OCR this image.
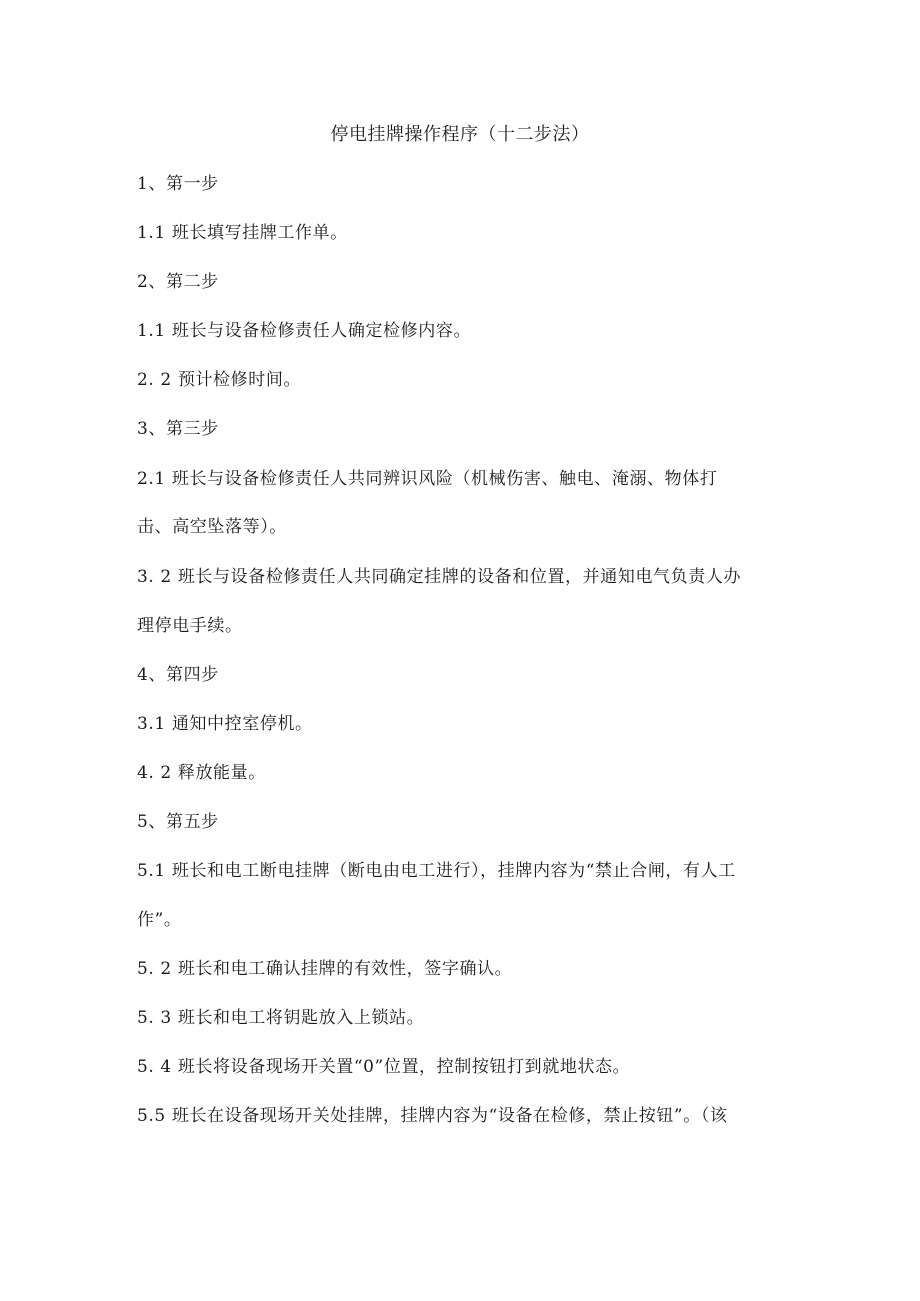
停电挂牌操作程序（十二步法）
1、第一步
1.1 班长填写挂牌工作单。
2、第二步
1.1 班长与设备检修责任人确定检修内容。
2. 2 预计检修时间。
3、第三步
2.1 班长与设备检修责任人共同辨识风险（机械伤害、触电、淹溺、物体打
击、高空坠落等）。
3. 2 班长与设备检修责任人共同确定挂牌的设备和位置，并通知电气负责人办
理停电手续。
4、第四步
3.1 通知中控室停机。
4. 2 释放能量。
5、第五步
5.1 班长和电工断电挂牌（断电由电工进行），挂牌内容为“禁止合闸，有人工
作”。
5. 2 班长和电工确认挂牌的有效性，签字确认。
5. 3 班长和电工将钥匙放入上锁站。
5. 4 班长将设备现场开关置“0”位置，控制按钮打到就地状态。
5.5 班长在设备现场开关处挂牌，挂牌内容为“设备在检修，禁止按钮”。（该
